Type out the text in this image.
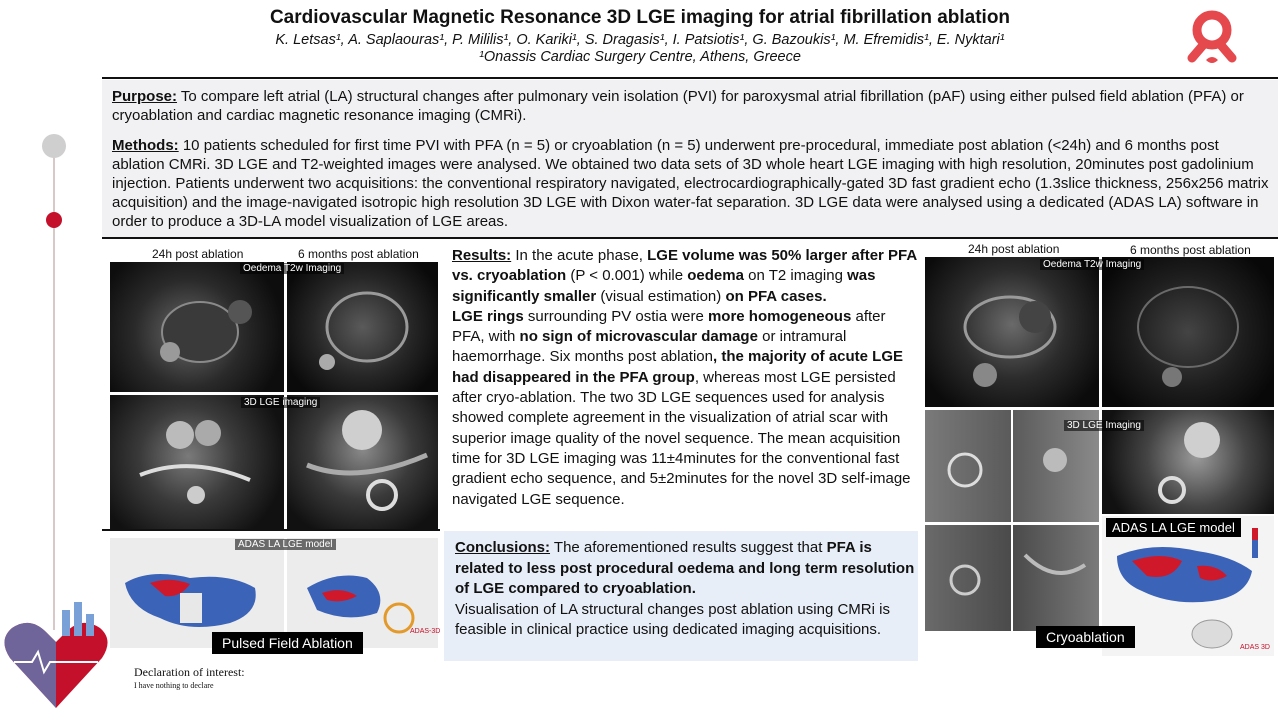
Cardiovascular Magnetic Resonance 3D LGE imaging for atrial fibrillation ablation
K. Letsas¹, A. Saplaouras¹, P. Mililis¹, O. Kariki¹, S. Dragasis¹, I. Patsiotis¹, G. Bazoukis¹, M. Efremidis¹, E. Nyktari¹
¹Onassis Cardiac Surgery Centre, Athens, Greece
Purpose: To compare left atrial (LA) structural changes after pulmonary vein isolation (PVI) for paroxysmal atrial fibrillation (pAF) using either pulsed field ablation (PFA) or cryoablation and cardiac magnetic resonance imaging (CMRi).
Methods: 10 patients scheduled for first time PVI with PFA (n = 5) or cryoablation (n = 5) underwent pre-procedural, immediate post ablation (<24h) and 6 months post ablation CMRi. 3D LGE and T2-weighted images were analysed. We obtained two data sets of 3D whole heart LGE imaging with high resolution, 20minutes post gadolinium injection. Patients underwent two acquisitions: the conventional respiratory navigated, electrocardiographically-gated 3D fast gradient echo (1.3slice thickness, 256x256 matrix acquisition) and the image-navigated isotropic high resolution 3D LGE with Dixon water-fat separation. 3D LGE data were analysed using a dedicated (ADAS LA) software in order to produce a 3D-LA model visualization of LGE areas.
24h post ablation	6 months post ablation
Oedema T2w Imaging
3D LGE imaging
ADAS LA LGE model
Pulsed Field Ablation
ADAS-3D
Results: In the acute phase, LGE volume was 50% larger after PFA vs. cryoablation (P < 0.001) while oedema on T2 imaging was significantly smaller (visual estimation) on PFA cases.
LGE rings surrounding PV ostia were more homogeneous after PFA, with no sign of microvascular damage or intramural haemorrhage. Six months post ablation, the majority of acute LGE had disappeared in the PFA group, whereas most LGE persisted after cryo-ablation. The two 3D LGE sequences used for analysis showed complete agreement in the visualization of atrial scar with superior image quality of the novel sequence. The mean acquisition time for 3D LGE imaging was 11±4minutes for the conventional fast gradient echo sequence, and 5±2minutes for the novel 3D self-image navigated LGE sequence.
Conclusions: The aforementioned results suggest that PFA is related to less post procedural oedema and long term resolution of LGE compared to cryoablation.
Visualisation of LA structural changes post ablation using CMRi is feasible in clinical practice using dedicated imaging acquisitions.
24h post ablation	6 months post ablation
Oedema T2w Imaging
3D LGE Imaging
ADAS LA LGE model
Cryoablation
ADAS 3D
Declaration of interest:
I have nothing to declare
